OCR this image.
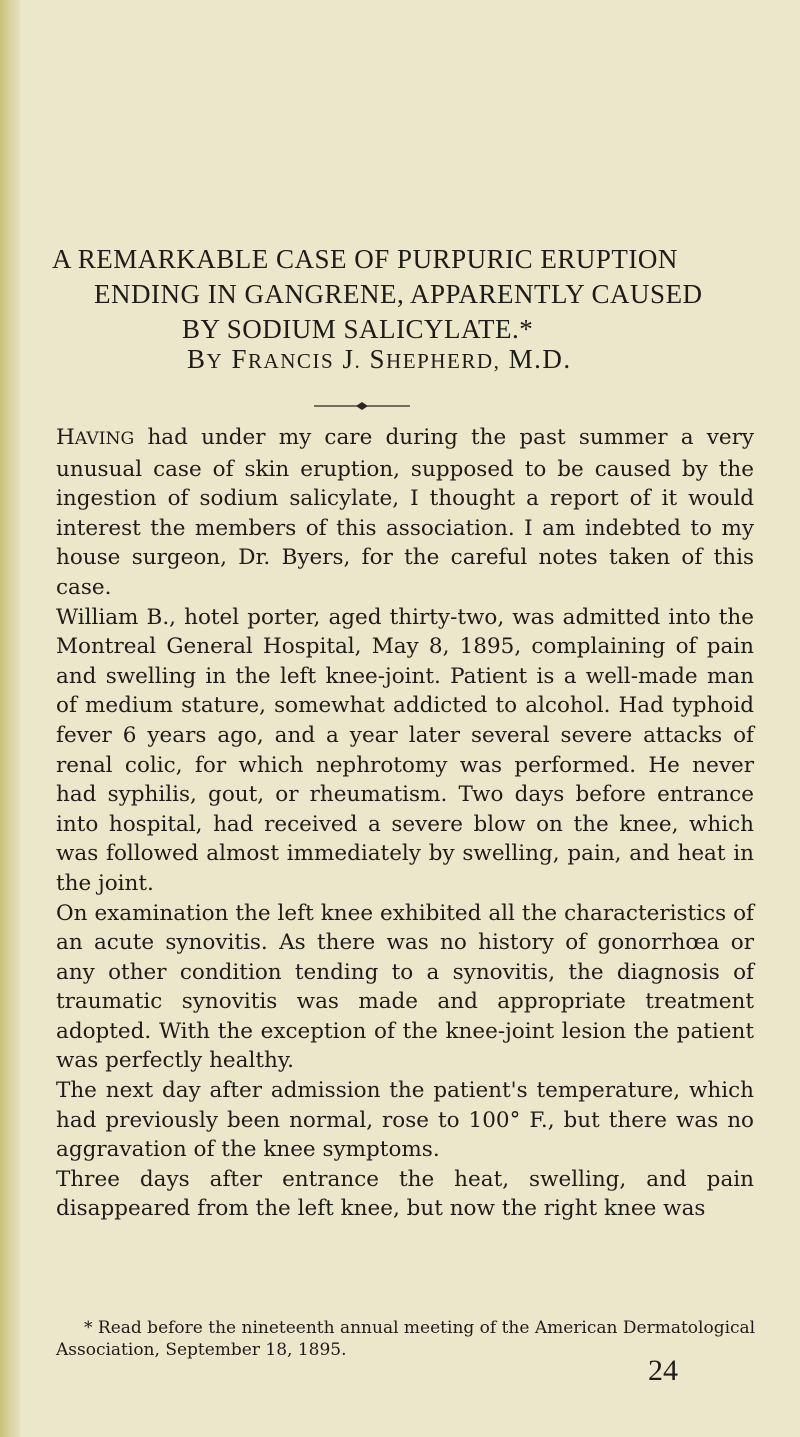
A REMARKABLE CASE OF PURPURIC ERUPTION
ENDING IN GANGRENE, APPARENTLY CAUSED
BY SODIUM SALICYLATE.*
BY FRANCIS J. SHEPHERD, M.D.

HAVING had under my care during the past summer a very unusual case of skin eruption, supposed to be caused by the ingestion of sodium salicylate, I thought a report of it would interest the members of this association. I am indebted to my house surgeon, Dr. Byers, for the careful notes taken of this case.

William B., hotel porter, aged thirty-two, was admitted into the Montreal General Hospital, May 8, 1895, complaining of pain and swelling in the left knee-joint. Patient is a well-made man of medium stature, somewhat addicted to alcohol. Had typhoid fever 6 years ago, and a year later several severe attacks of renal colic, for which nephrotomy was performed. He never had syphilis, gout, or rheumatism. Two days before entrance into hospital, had received a severe blow on the knee, which was followed almost immediately by swelling, pain, and heat in the joint.

On examination the left knee exhibited all the characteristics of an acute synovitis. As there was no history of gonorrhœa or any other condition tending to a synovitis, the diagnosis of traumatic synovitis was made and appropriate treatment adopted. With the exception of the knee-joint lesion the patient was perfectly healthy.

The next day after admission the patient's temperature, which had previously been normal, rose to 100° F., but there was no aggravation of the knee symptoms.

Three days after entrance the heat, swelling, and pain disappeared from the left knee, but now the right knee was

* Read before the nineteenth annual meeting of the American Dermatological Association, September 18, 1895.
24
